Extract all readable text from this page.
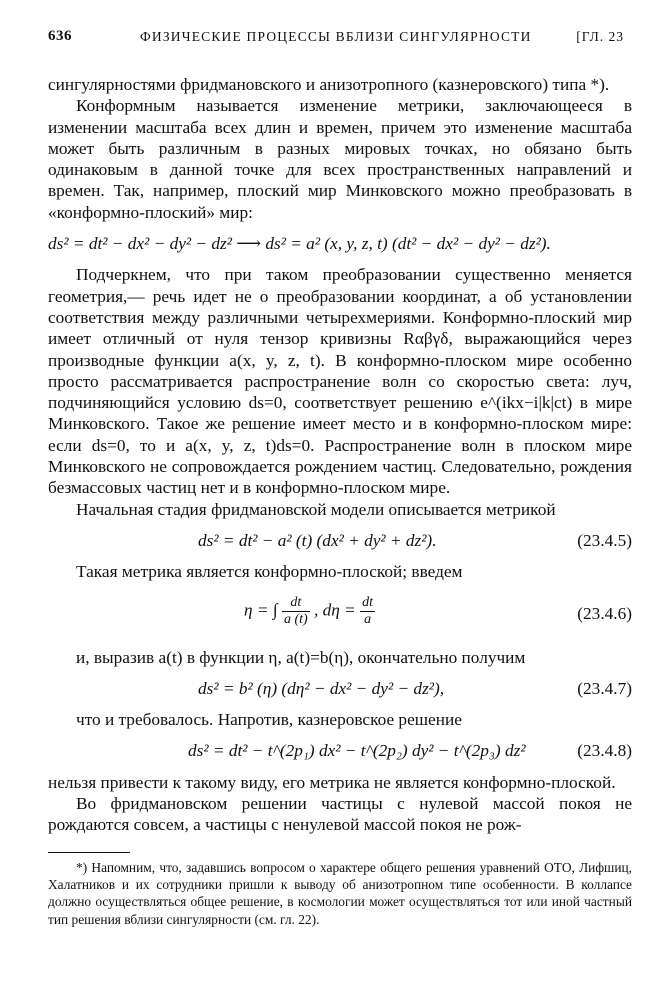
636	ФИЗИЧЕСКИЕ ПРОЦЕССЫ ВБЛИЗИ СИНГУЛЯРНОСТИ	[ГЛ. 23

сингулярностями фридмановского и анизотропного (казнеровского) типа *).

Конформным называется изменение метрики, заключающееся в изменении масштаба всех длин и времен, причем это изменение масштаба может быть различным в разных мировых точках, но обязано быть одинаковым в данной точке для всех пространственных направлений и времен. Так, например, плоский мир Минковского можно преобразовать в «конформно-плоский» мир:

ds² = dt² − dx² − dy² − dz² ⟶ ds² = a² (x, y, z, t) (dt² − dx² − dy² − dz²).

Подчеркнем, что при таком преобразовании существенно меняется геометрия,— речь идет не о преобразовании координат, а об установлении соответствия между различными четырехмериями. Конформно-плоский мир имеет отличный от нуля тензор кривизны Rαβγδ, выражающийся через производные функции a(x, y, z, t). В конформно-плоском мире особенно просто рассматривается распространение волн со скоростью света: луч, подчиняющийся условию ds=0, соответствует решению e^(ikx−i|k|ct) в мире Минковского. Такое же решение имеет место и в конформно-плоском мире: если ds=0, то и a(x, y, z, t)ds=0. Распространение волн в плоском мире Минковского не сопровождается рождением частиц. Следовательно, рождения безмассовых частиц нет и в конформно-плоском мире.

Начальная стадия фридмановской модели описывается метрикой

ds² = dt² − a² (t) (dx² + dy² + dz²).	(23.4.5)

Такая метрика является конформно-плоской; введем

η = ∫ $\frac{dt}{a (t)}$ , $d\eta = \frac{dt}{a}$	(23.4.6)

и, выразив a(t) в функции η, a(t)=b(η), окончательно получим

ds² = b² (η) (dη² − dx² − dy² − dz²),	(23.4.7)

что и требовалось. Напротив, казнеровское решение

ds² = dt² − t^(2p₁) dx² − t^(2p₂) dy² − t^(2p₃) dz²	(23.4.8)

нельзя привести к такому виду, его метрика не является конформно-плоской.

Во фридмановском решении частицы с нулевой массой покоя не рождаются совсем, а частицы с ненулевой массой покоя не рож-

*) Напомним, что, задавшись вопросом о характере общего решения уравнений ОТО, Лифшиц, Халатников и их сотрудники пришли к выводу об анизотропном типе особенности. В коллапсе должно осуществляться общее решение, в космологии может осуществляться тот или иной частный тип решения вблизи сингулярности (см. гл. 22).
